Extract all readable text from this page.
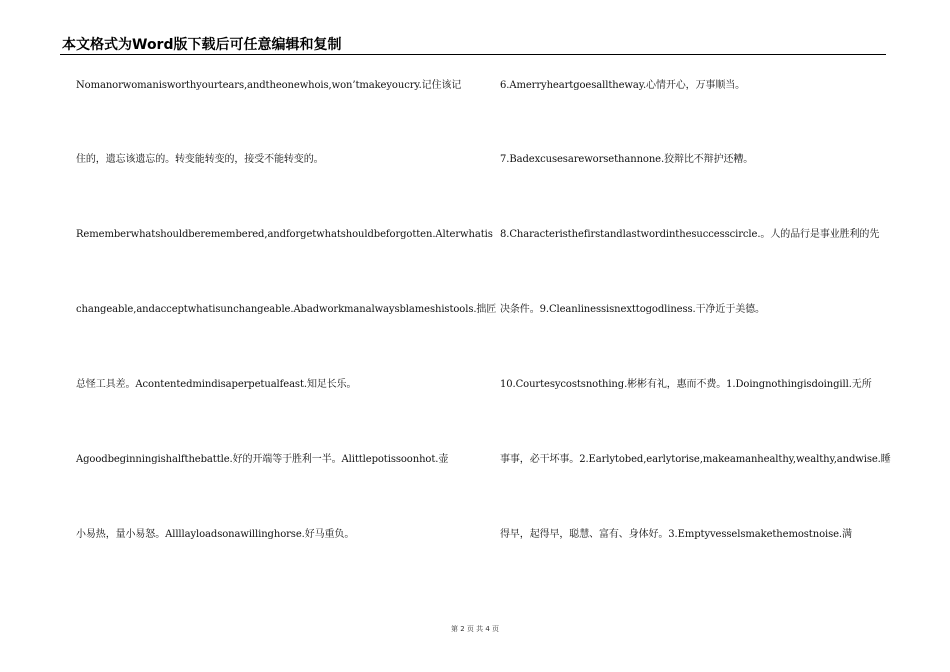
本文格式为Word版下载后可任意编辑和复制
Nomanorwomanisworthyourtears,andtheonewhois,won’tmakeyoucry.记住该记
住的，遗忘该遗忘的。转变能转变的，接受不能转变的。
Rememberwhatshouldberemembered,andforgetwhatshouldbeforgotten.Alterwhatis
changeable,andacceptwhatisunchangeable.Abadworkmanalwaysblameshistools.拙匠
总怪工具差。Acontentedmindisaperpetualfeast.知足长乐。
Agoodbeginningishalfthebattle.好的开端等于胜利一半。Alittlepotissoonhot.壶
小易热，量小易怒。Allllayloadsonawillinghorse.好马重负。
6.Amerryheartgoesalltheway.心情开心，万事顺当。
7.Badexcusesareworsethannone.狡辩比不辩护还糟。
8.Characteristhefirstandlastwordinthesuccesscircle.。人的品行是事业胜利的先
决条件。9.Cleanlinessisnexttogodliness.干净近于美德。
10.Courtesycostsnothing.彬彬有礼，惠而不费。1.Doingnothingisdoingill.无所
事事，必干坏事。2.Earlytobed,earlytorise,makeamanhealthy,wealthy,andwise.睡
得早，起得早，聪慧、富有、身体好。3.Emptyvesselsmakethemostnoise.满
第 2 页 共 4 页
